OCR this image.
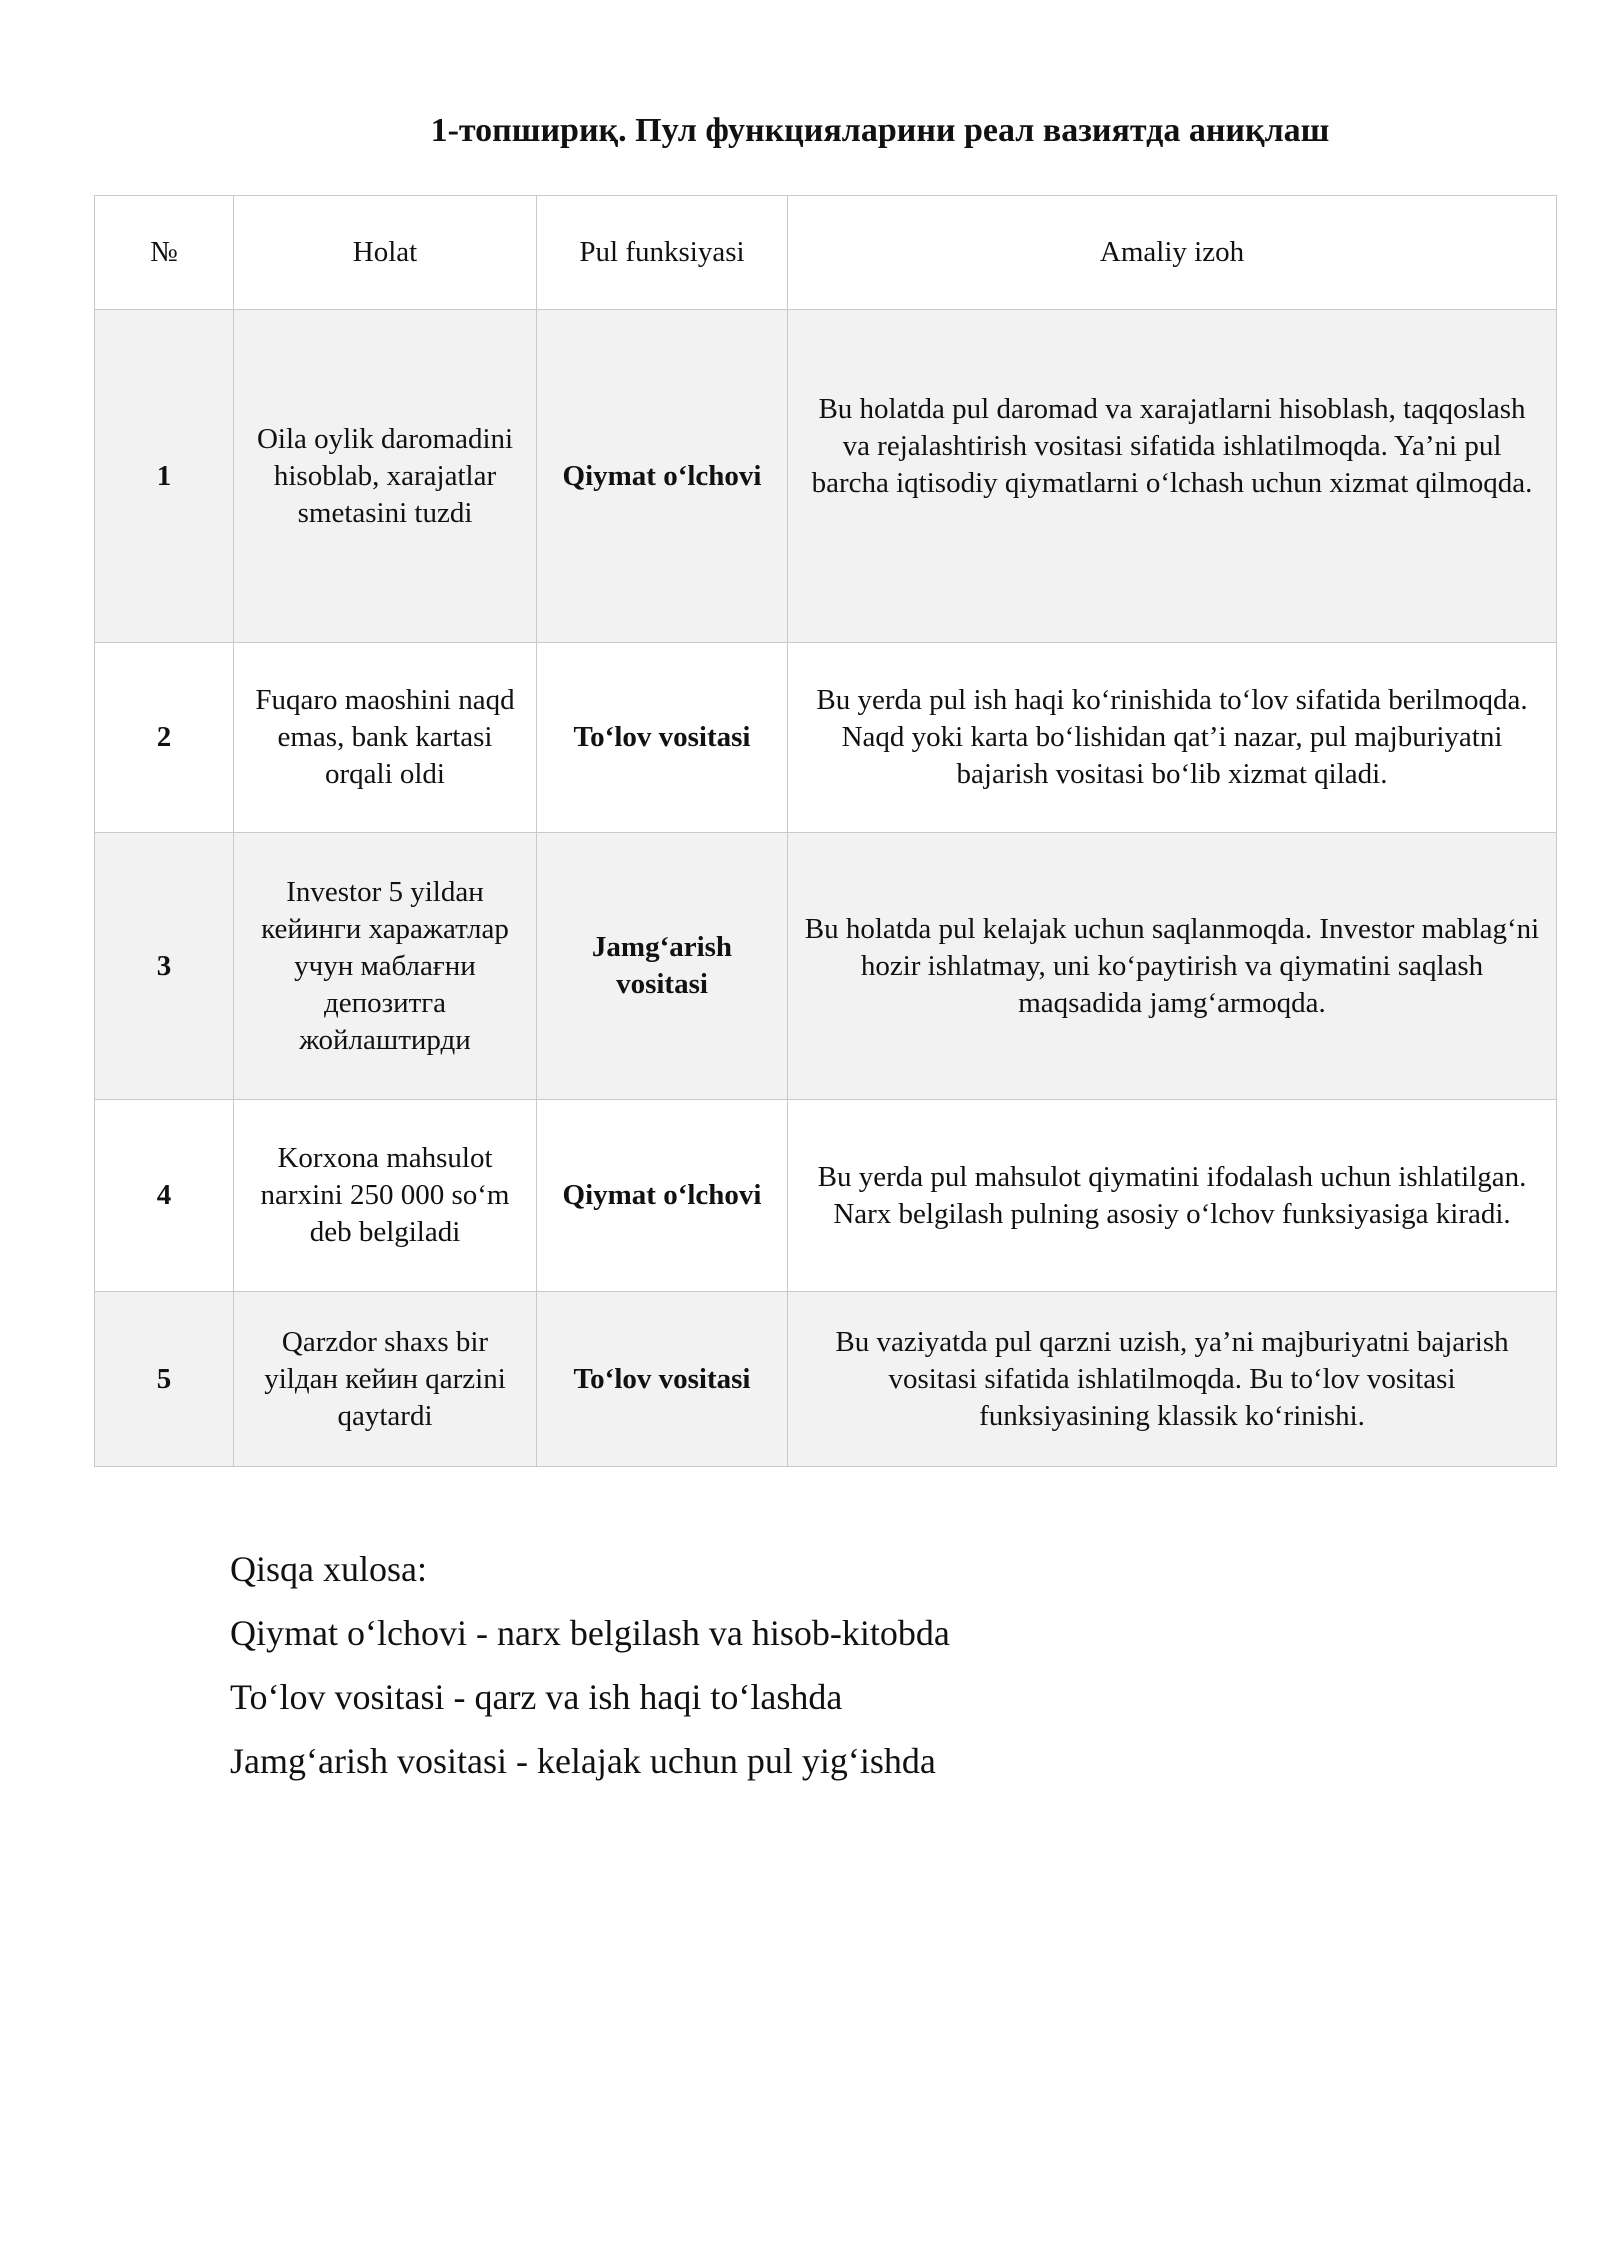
1-топшириқ. Пул функцияларини реал вазиятда аниқлаш
№	Holat	Pul funksiyasi	Amaliy izoh
1	Oila oylik daromadini hisoblab, xarajatlar smetasini tuzdi	Qiymat o‘lchovi	Bu holatda pul daromad va xarajatlarni hisoblash, taqqoslash va rejalashtirish vositasi sifatida ishlatilmoqda. Ya’ni pul barcha iqtisodiy qiymatlarni o‘lchash uchun xizmat qilmoqda.
2	Fuqaro maoshini naqd emas, bank kartasi orqali oldi	To‘lov vositasi	Bu yerda pul ish haqi ko‘rinishida to‘lov sifatida berilmoqda. Naqd yoki karta bo‘lishidan qat’i nazar, pul majburiyatni bajarish vositasi bo‘lib xizmat qiladi.
3	Investor 5 yildан кейинги харажатлар учун маблағни депозитга жойлаштирди	Jamg‘arish vositasi	Bu holatda pul kelajak uchun saqlanmoqda. Investor mablag‘ni hozir ishlatmay, uni ko‘paytirish va qiymatini saqlash maqsadida jamg‘armoqda.
4	Korxona mahsulot narxini 250 000 so‘m deb belgiladi	Qiymat o‘lchovi	Bu yerda pul mahsulot qiymatini ifodalash uchun ishlatilgan. Narx belgilash pulning asosiy o‘lchov funksiyasiga kiradi.
5	Qarzdor shaxs bir yilдан кейин qarzini qaytardi	To‘lov vositasi	Bu vaziyatda pul qarzni uzish, ya’ni majburiyatni bajarish vositasi sifatida ishlatilmoqda. Bu to‘lov vositasi funksiyasining klassik ko‘rinishi.
Qisqa xulosa:
Qiymat o‘lchovi - narx belgilash va hisob-kitobda
To‘lov vositasi - qarz va ish haqi to‘lashda
Jamg‘arish vositasi - kelajak uchun pul yig‘ishda
